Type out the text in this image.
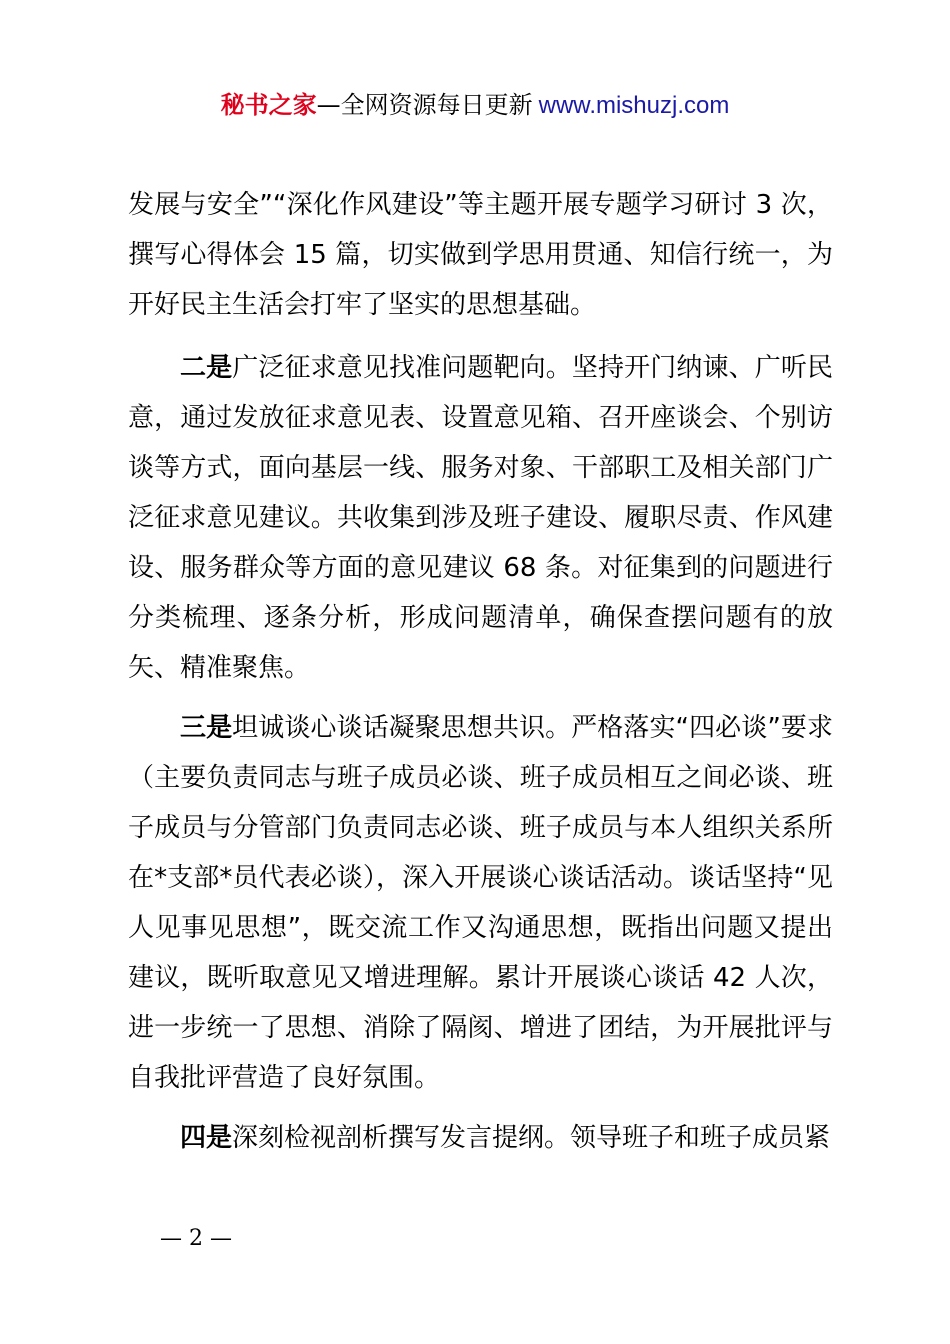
秘书之家—全网资源每日更新 www.mishuzj.com

发展与安全”“深化作风建设”等主题开展专题学习研讨 3 次，撰写心得体会 15 篇，切实做到学思用贯通、知信行统一，为开好民主生活会打牢了坚实的思想基础。

二是广泛征求意见找准问题靶向。坚持开门纳谏、广听民意，通过发放征求意见表、设置意见箱、召开座谈会、个别访谈等方式，面向基层一线、服务对象、干部职工及相关部门广泛征求意见建议。共收集到涉及班子建设、履职尽责、作风建设、服务群众等方面的意见建议 68 条。对征集到的问题进行分类梳理、逐条分析，形成问题清单，确保查摆问题有的放矢、精准聚焦。

三是坦诚谈心谈话凝聚思想共识。严格落实“四必谈”要求（主要负责同志与班子成员必谈、班子成员相互之间必谈、班子成员与分管部门负责同志必谈、班子成员与本人组织关系所在*支部*员代表必谈），深入开展谈心谈话活动。谈话坚持“见人见事见思想”，既交流工作又沟通思想，既指出问题又提出建议，既听取意见又增进理解。累计开展谈心谈话 42 人次，进一步统一了思想、消除了隔阂、增进了团结，为开展批评与自我批评营造了良好氛围。

四是深刻检视剖析撰写发言提纲。领导班子和班子成员紧

— 2 —
